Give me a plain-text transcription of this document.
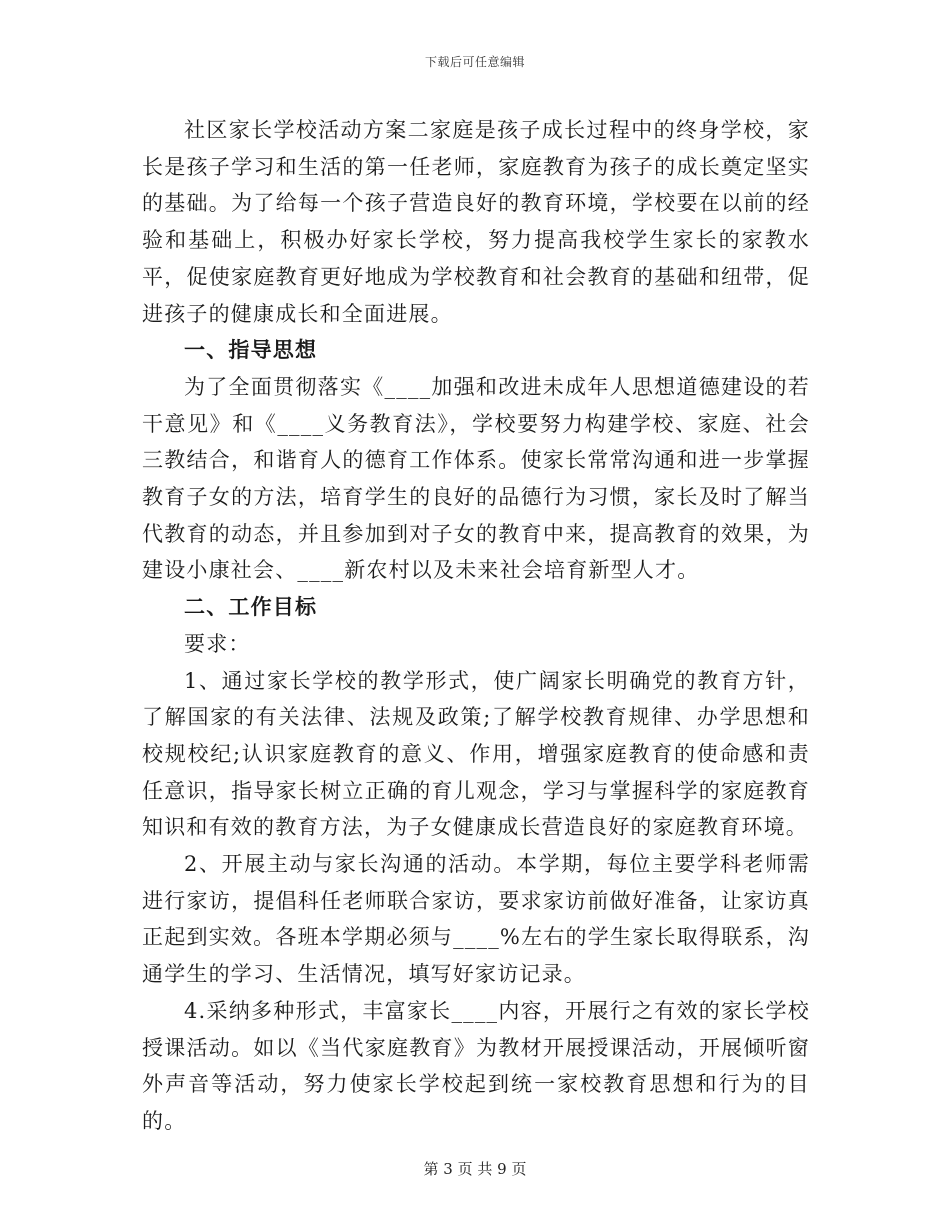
下载后可任意编辑

社区家长学校活动方案二家庭是孩子成长过程中的终身学校，家长是孩子学习和生活的第一任老师，家庭教育为孩子的成长奠定坚实的基础。为了给每一个孩子营造良好的教育环境，学校要在以前的经验和基础上，积极办好家长学校，努力提高我校学生家长的家教水平，促使家庭教育更好地成为学校教育和社会教育的基础和纽带，促进孩子的健康成长和全面进展。

一、指导思想

为了全面贯彻落实《____加强和改进未成年人思想道德建设的若干意见》和《____义务教育法》，学校要努力构建学校、家庭、社会三教结合，和谐育人的德育工作体系。使家长常常沟通和进一步掌握教育子女的方法，培育学生的良好的品德行为习惯，家长及时了解当代教育的动态，并且参加到对子女的教育中来，提高教育的效果，为建设小康社会、____新农村以及未来社会培育新型人才。

二、工作目标

要求：

1、通过家长学校的教学形式，使广阔家长明确党的教育方针，了解国家的有关法律、法规及政策;了解学校教育规律、办学思想和校规校纪;认识家庭教育的意义、作用，增强家庭教育的使命感和责任意识，指导家长树立正确的育儿观念，学习与掌握科学的家庭教育知识和有效的教育方法，为子女健康成长营造良好的家庭教育环境。

2、开展主动与家长沟通的活动。本学期，每位主要学科老师需进行家访，提倡科任老师联合家访，要求家访前做好准备，让家访真正起到实效。各班本学期必须与____%左右的学生家长取得联系，沟通学生的学习、生活情况，填写好家访记录。

4.采纳多种形式，丰富家长____内容，开展行之有效的家长学校授课活动。如以《当代家庭教育》为教材开展授课活动，开展倾听窗外声音等活动，努力使家长学校起到统一家校教育思想和行为的目的。

第 3 页 共 9 页
